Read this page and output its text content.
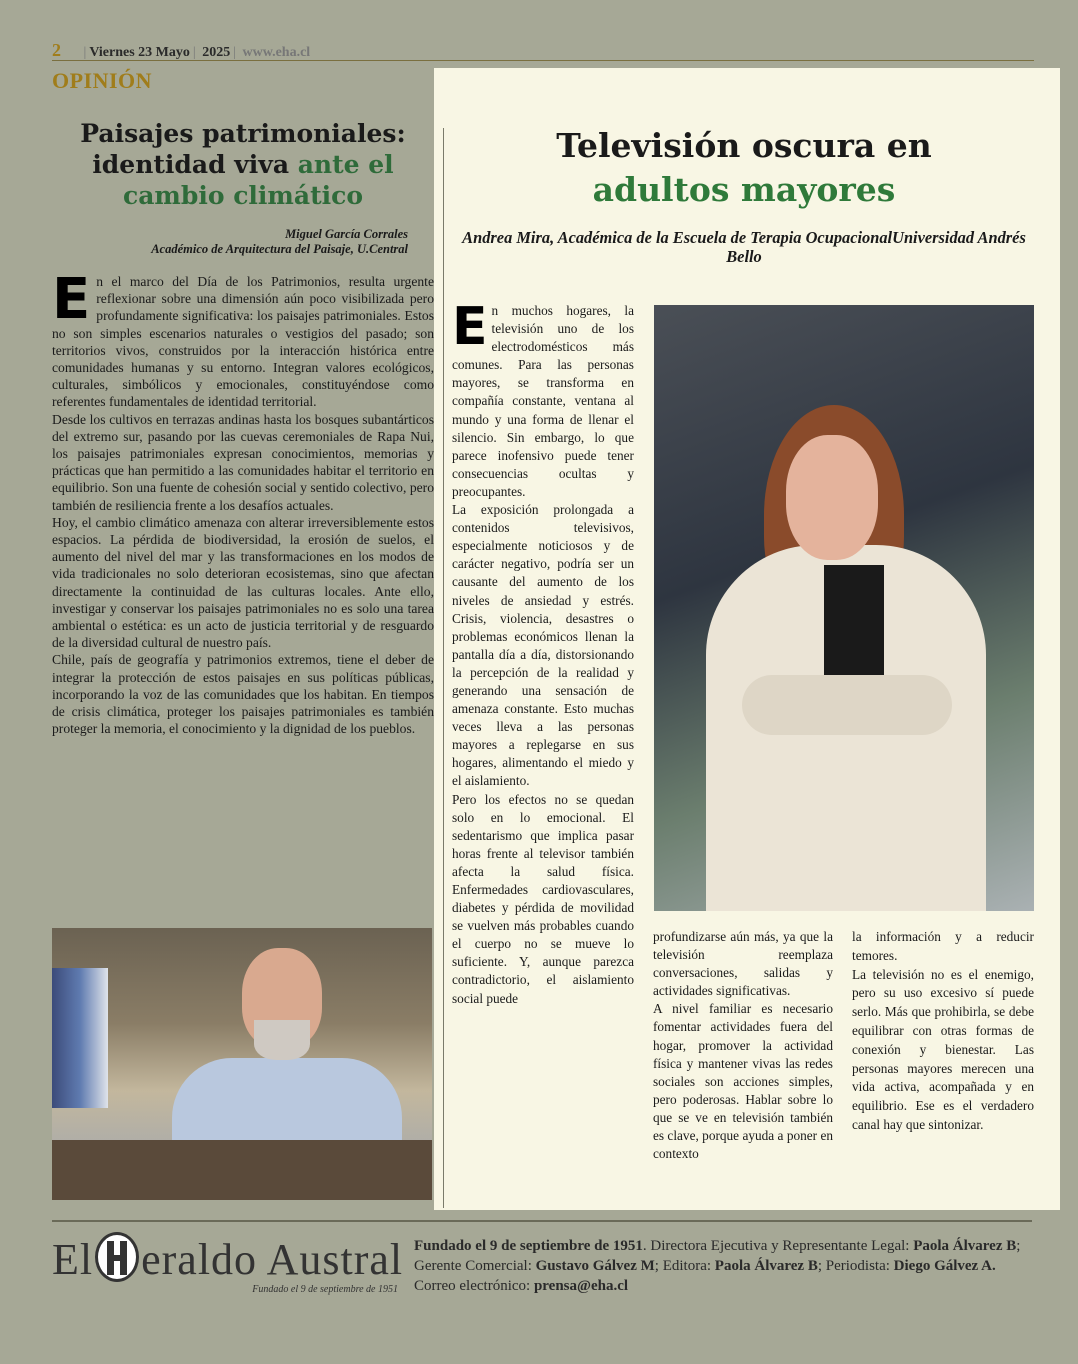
2 | Viernes 23 Mayo | 2025 | www.eha.cl
OPINIÓN
Paisajes patrimoniales:
identidad viva ante el cambio climático
Miguel García Corrales
Académico de Arquitectura del Paisaje, U.Central

En el marco del Día de los Patrimonios, resulta urgente reflexionar sobre una dimensión aún poco visibilizada pero profundamente significativa: los paisajes patrimoniales. Estos no son simples escenarios naturales o vestigios del pasado; son territorios vivos, construidos por la interacción histórica entre comunidades humanas y su entorno. Integran valores ecológicos, culturales, simbólicos y emocionales, constituyéndose como referentes fundamentales de identidad territorial.

Desde los cultivos en terrazas andinas hasta los bosques subantárticos del extremo sur, pasando por las cuevas ceremoniales de Rapa Nui, los paisajes patrimoniales expresan conocimientos, memorias y prácticas que han permitido a las comunidades habitar el territorio en equilibrio. Son una fuente de cohesión social y sentido colectivo, pero también de resiliencia frente a los desafíos actuales.

Hoy, el cambio climático amenaza con alterar irreversiblemente estos espacios. La pérdida de biodiversidad, la erosión de suelos, el aumento del nivel del mar y las transformaciones en los modos de vida tradicionales no solo deterioran ecosistemas, sino que afectan directamente la continuidad de las culturas locales. Ante ello, investigar y conservar los paisajes patrimoniales no es solo una tarea ambiental o estética: es un acto de justicia territorial y de resguardo de la diversidad cultural de nuestro país.

Chile, país de geografía y patrimonios extremos, tiene el deber de integrar la protección de estos paisajes en sus políticas públicas, incorporando la voz de las comunidades que los habitan. En tiempos de crisis climática, proteger los paisajes patrimoniales es también proteger la memoria, el conocimiento y la dignidad de los pueblos.

Televisión oscura en
adultos mayores
Andrea Mira, Académica de la Escuela de Terapia OcupacionalUniversidad Andrés Bello

En muchos hogares, la televisión uno de los electrodomésticos más comunes. Para las personas mayores, se transforma en compañía constante, ventana al mundo y una forma de llenar el silencio. Sin embargo, lo que parece inofensivo puede tener consecuencias ocultas y preocupantes.

La exposición prolongada a contenidos televisivos, especialmente noticiosos y de carácter negativo, podría ser un causante del aumento de los niveles de ansiedad y estrés. Crisis, violencia, desastres o problemas económicos llenan la pantalla día a día, distorsionando la percepción de la realidad y generando una sensación de amenaza constante. Esto muchas veces lleva a las personas mayores a replegarse en sus hogares, alimentando el miedo y el aislamiento.

Pero los efectos no se quedan solo en lo emocional. El sedentarismo que implica pasar horas frente al televisor también afecta la salud física. Enfermedades cardiovasculares, diabetes y pérdida de movilidad se vuelven más probables cuando el cuerpo no se mueve lo suficiente. Y, aunque parezca contradictorio, el aislamiento social puede

profundizarse aún más, ya que la televisión reemplaza conversaciones, salidas y actividades significativas.

A nivel familiar es necesario fomentar actividades fuera del hogar, promover la actividad física y mantener vivas las redes sociales son acciones simples, pero poderosas. Hablar sobre lo que se ve en televisión también es clave, porque ayuda a poner en contexto

la información y a reducir temores.

La televisión no es el enemigo, pero su uso excesivo sí puede serlo. Más que prohibirla, se debe equilibrar con otras formas de conexión y bienestar. Las personas mayores merecen una vida activa, acompañada y en equilibrio. Ese es el verdadero canal hay que sintonizar.

El eraldo Austral
Fundado el 9 de septiembre de 1951
Fundado el 9 de septiembre de 1951. Directora Ejecutiva y Representante Legal: Paola Álvarez B; Gerente Comercial: Gustavo Gálvez M; Editora: Paola Álvarez B; Periodista: Diego Gálvez A. Correo electrónico: prensa@eha.cl
